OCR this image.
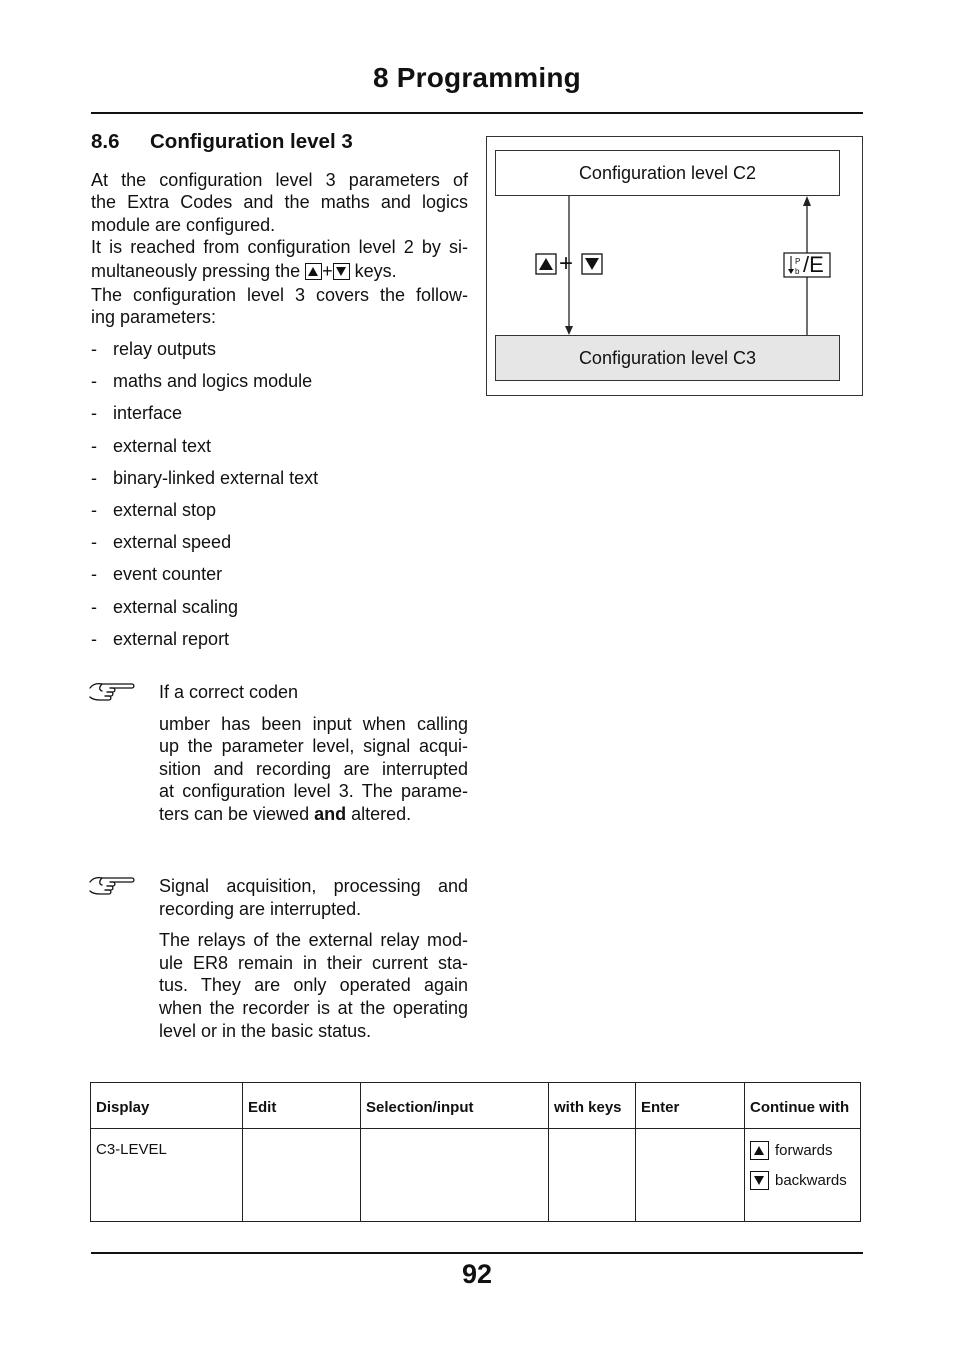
8 Programming
8.6 Configuration level 3
At the configuration level 3 parameters of
the Extra Codes and the maths and logics
module are configured.
It is reached from configuration level 2 by si-
multaneously pressing the + keys.
The configuration level 3 covers the follow-
ing parameters:
- relay outputs
- maths and logics module
- interface
- external text
- binary-linked external text
- external stop
- external speed
- event counter
- external scaling
- external report
If a correct coden
umber has been input when calling
up the parameter level, signal acqui-
sition and recording are interrupted
at configuration level 3. The parame-
ters can be viewed and altered.
Signal acquisition, processing and
recording are interrupted.
The relays of the external relay mod-
ule ER8 remain in their current sta-
tus. They are only operated again
when the recorder is at the operating
level or in the basic status.
Configuration level C2
Configuration level C3
P
b
+	/E
Display	Edit	Selection/input	with keys	Enter	Continue with
C3-LEVEL					forwards
backwards
92
